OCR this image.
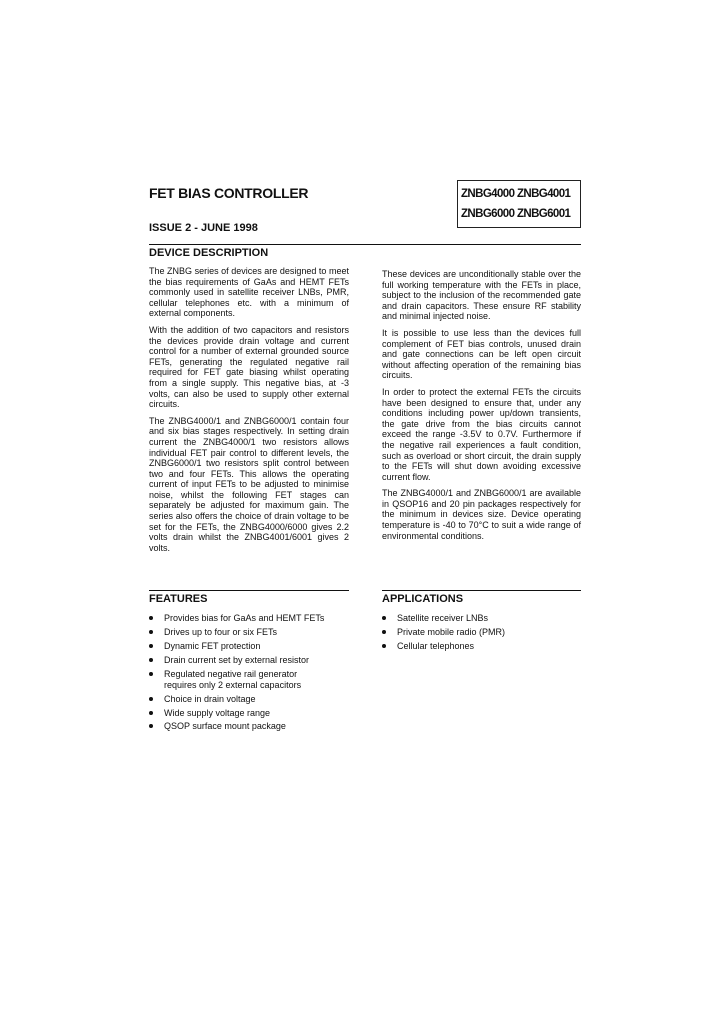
FET BIAS CONTROLLER	ZNBG4000 ZNBG4001
ZNBG6000 ZNBG6001
ISSUE 2 - JUNE 1998
DEVICE DESCRIPTION

The ZNBG series of devices are designed to meet the bias requirements of GaAs and HEMT FETs commonly used in satellite receiver LNBs, PMR, cellular telephones etc. with a minimum of external components.

With the addition of two capacitors and resistors the devices provide drain voltage and current control for a number of external grounded source FETs, generating the regulated negative rail required for FET gate biasing whilst operating from a single supply. This negative bias, at -3 volts, can also be used to supply other external circuits.

The ZNBG4000/1 and ZNBG6000/1 contain four and six bias stages respectively. In setting drain current the ZNBG4000/1 two resistors allows individual FET pair control to different levels, the ZNBG6000/1 two resistors split control between two and four FETs. This allows the operating current of input FETs to be adjusted to minimise noise, whilst the following FET stages can separately be adjusted for maximum gain. The series also offers the choice of drain voltage to be set for the FETs, the ZNBG4000/6000 gives 2.2 volts drain whilst the ZNBG4001/6001 gives 2 volts.

These devices are unconditionally stable over the full working temperature with the FETs in place, subject to the inclusion of the recommended gate and drain capacitors. These ensure RF stability and minimal injected noise.

It is possible to use less than the devices full complement of FET bias controls, unused drain and gate connections can be left open circuit without affecting operation of the remaining bias circuits.

In order to protect the external FETs the circuits have been designed to ensure that, under any conditions including power up/down transients, the gate drive from the bias circuits cannot exceed the range -3.5V to 0.7V. Furthermore if the negative rail experiences a fault condition, such as overload or short circuit, the drain supply to the FETs will shut down avoiding excessive current flow.

The ZNBG4000/1 and ZNBG6000/1 are available in QSOP16 and 20 pin packages respectively for the minimum in devices size. Device operating temperature is -40 to 70°C to suit a wide range of environmental conditions.

FEATURES	APPLICATIONS
Provides bias for GaAs and HEMT FETs
Drives up to four or six FETs
Dynamic FET protection
Drain current set by external resistor
Regulated negative rail generator requires only 2 external capacitors
Choice in drain voltage
Wide supply voltage range
QSOP surface mount package
Satellite receiver LNBs
Private mobile radio (PMR)
Cellular telephones
